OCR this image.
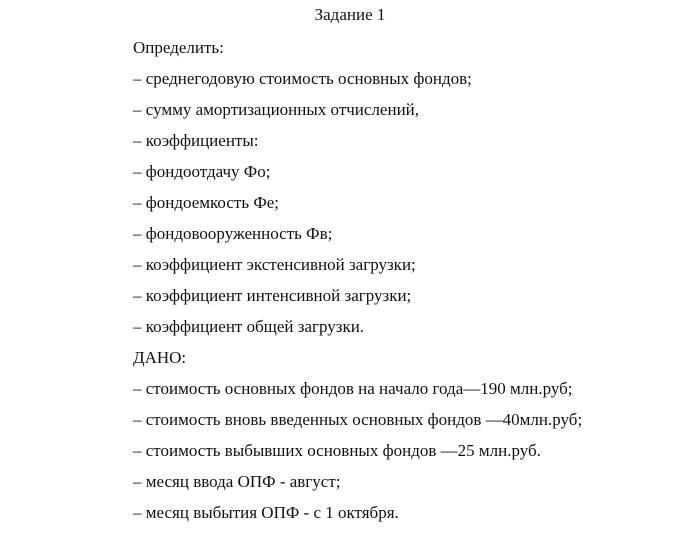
Задание 1
Определить:
– среднегодовую стоимость основных фондов;
– сумму амортизационных отчислений,
– коэффициенты:
– фондоотдачу Фо;
– фондоемкость Фе;
– фондовооруженность Фв;
– коэффициент экстенсивной загрузки;
– коэффициент интенсивной загрузки;
– коэффициент общей загрузки.
ДАНО:
– стоимость основных фондов на начало года—190 млн.руб;
– стоимость вновь введенных основных фондов —40млн.руб;
– стоимость выбывших основных фондов —25 млн.руб.
– месяц ввода ОПФ - август;
– месяц выбытия ОПФ - с 1 октября.
